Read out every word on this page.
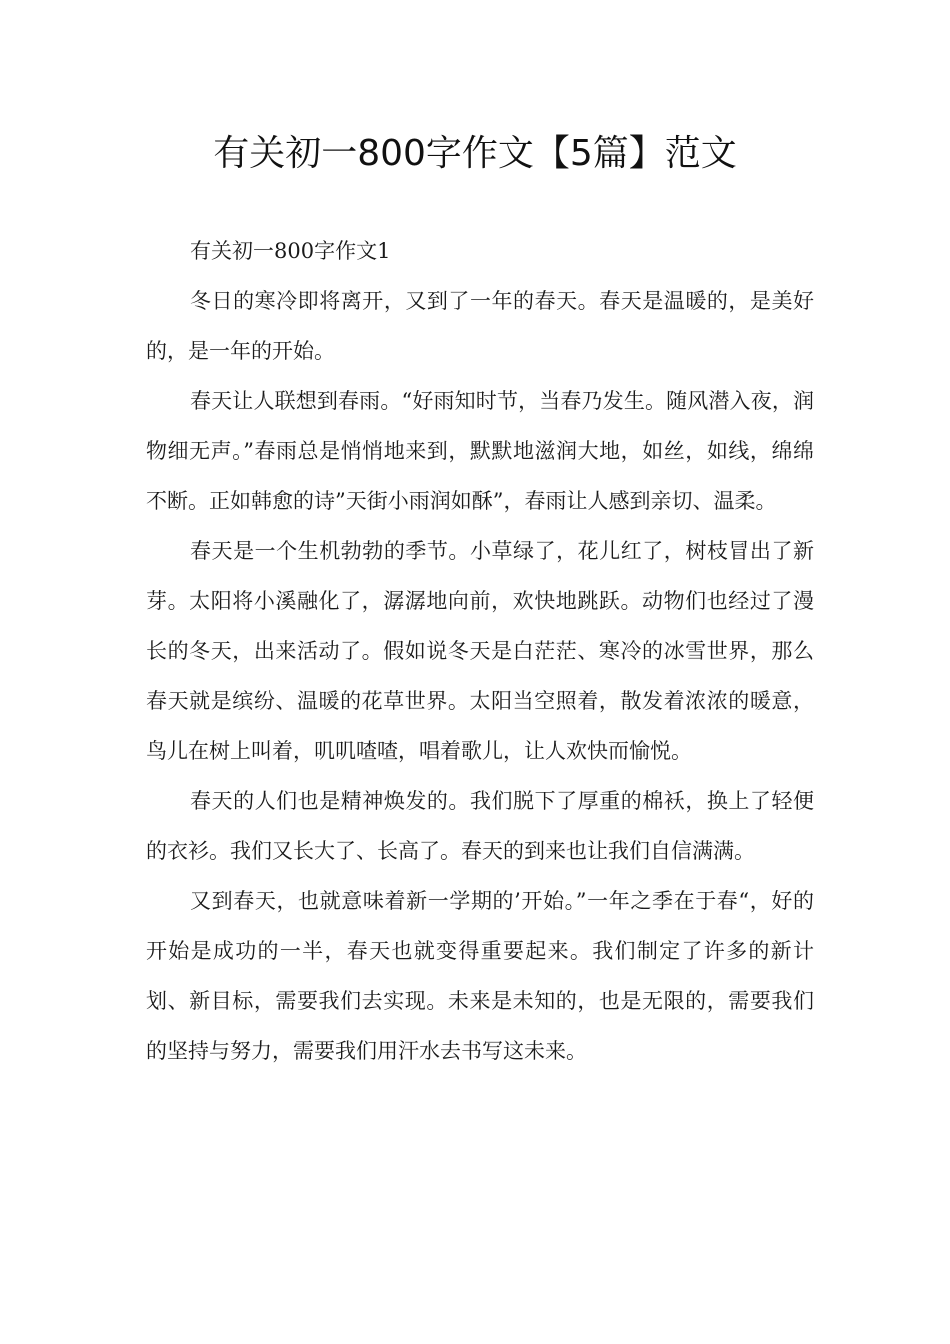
有关初一800字作文【5篇】范文

有关初一800字作文1

冬日的寒冷即将离开，又到了一年的春天。春天是温暖的，是美好的，是一年的开始。

春天让人联想到春雨。“好雨知时节，当春乃发生。随风潜入夜，润物细无声。”春雨总是悄悄地来到，默默地滋润大地，如丝，如线，绵绵不断。正如韩愈的诗”天街小雨润如酥”，春雨让人感到亲切、温柔。

春天是一个生机勃勃的季节。小草绿了，花儿红了，树枝冒出了新芽。太阳将小溪融化了，潺潺地向前，欢快地跳跃。动物们也经过了漫长的冬天，出来活动了。假如说冬天是白茫茫、寒冷的冰雪世界，那么春天就是缤纷、温暖的花草世界。太阳当空照着，散发着浓浓的暖意，鸟儿在树上叫着，叽叽喳喳，唱着歌儿，让人欢快而愉悦。

春天的人们也是精神焕发的。我们脱下了厚重的棉袄，换上了轻便的衣衫。我们又长大了、长高了。春天的到来也让我们自信满满。

又到春天，也就意味着新一学期的’开始。”一年之季在于春“，好的开始是成功的一半，春天也就变得重要起来。我们制定了许多的新计划、新目标，需要我们去实现。未来是未知的，也是无限的，需要我们的坚持与努力，需要我们用汗水去书写这未来。
